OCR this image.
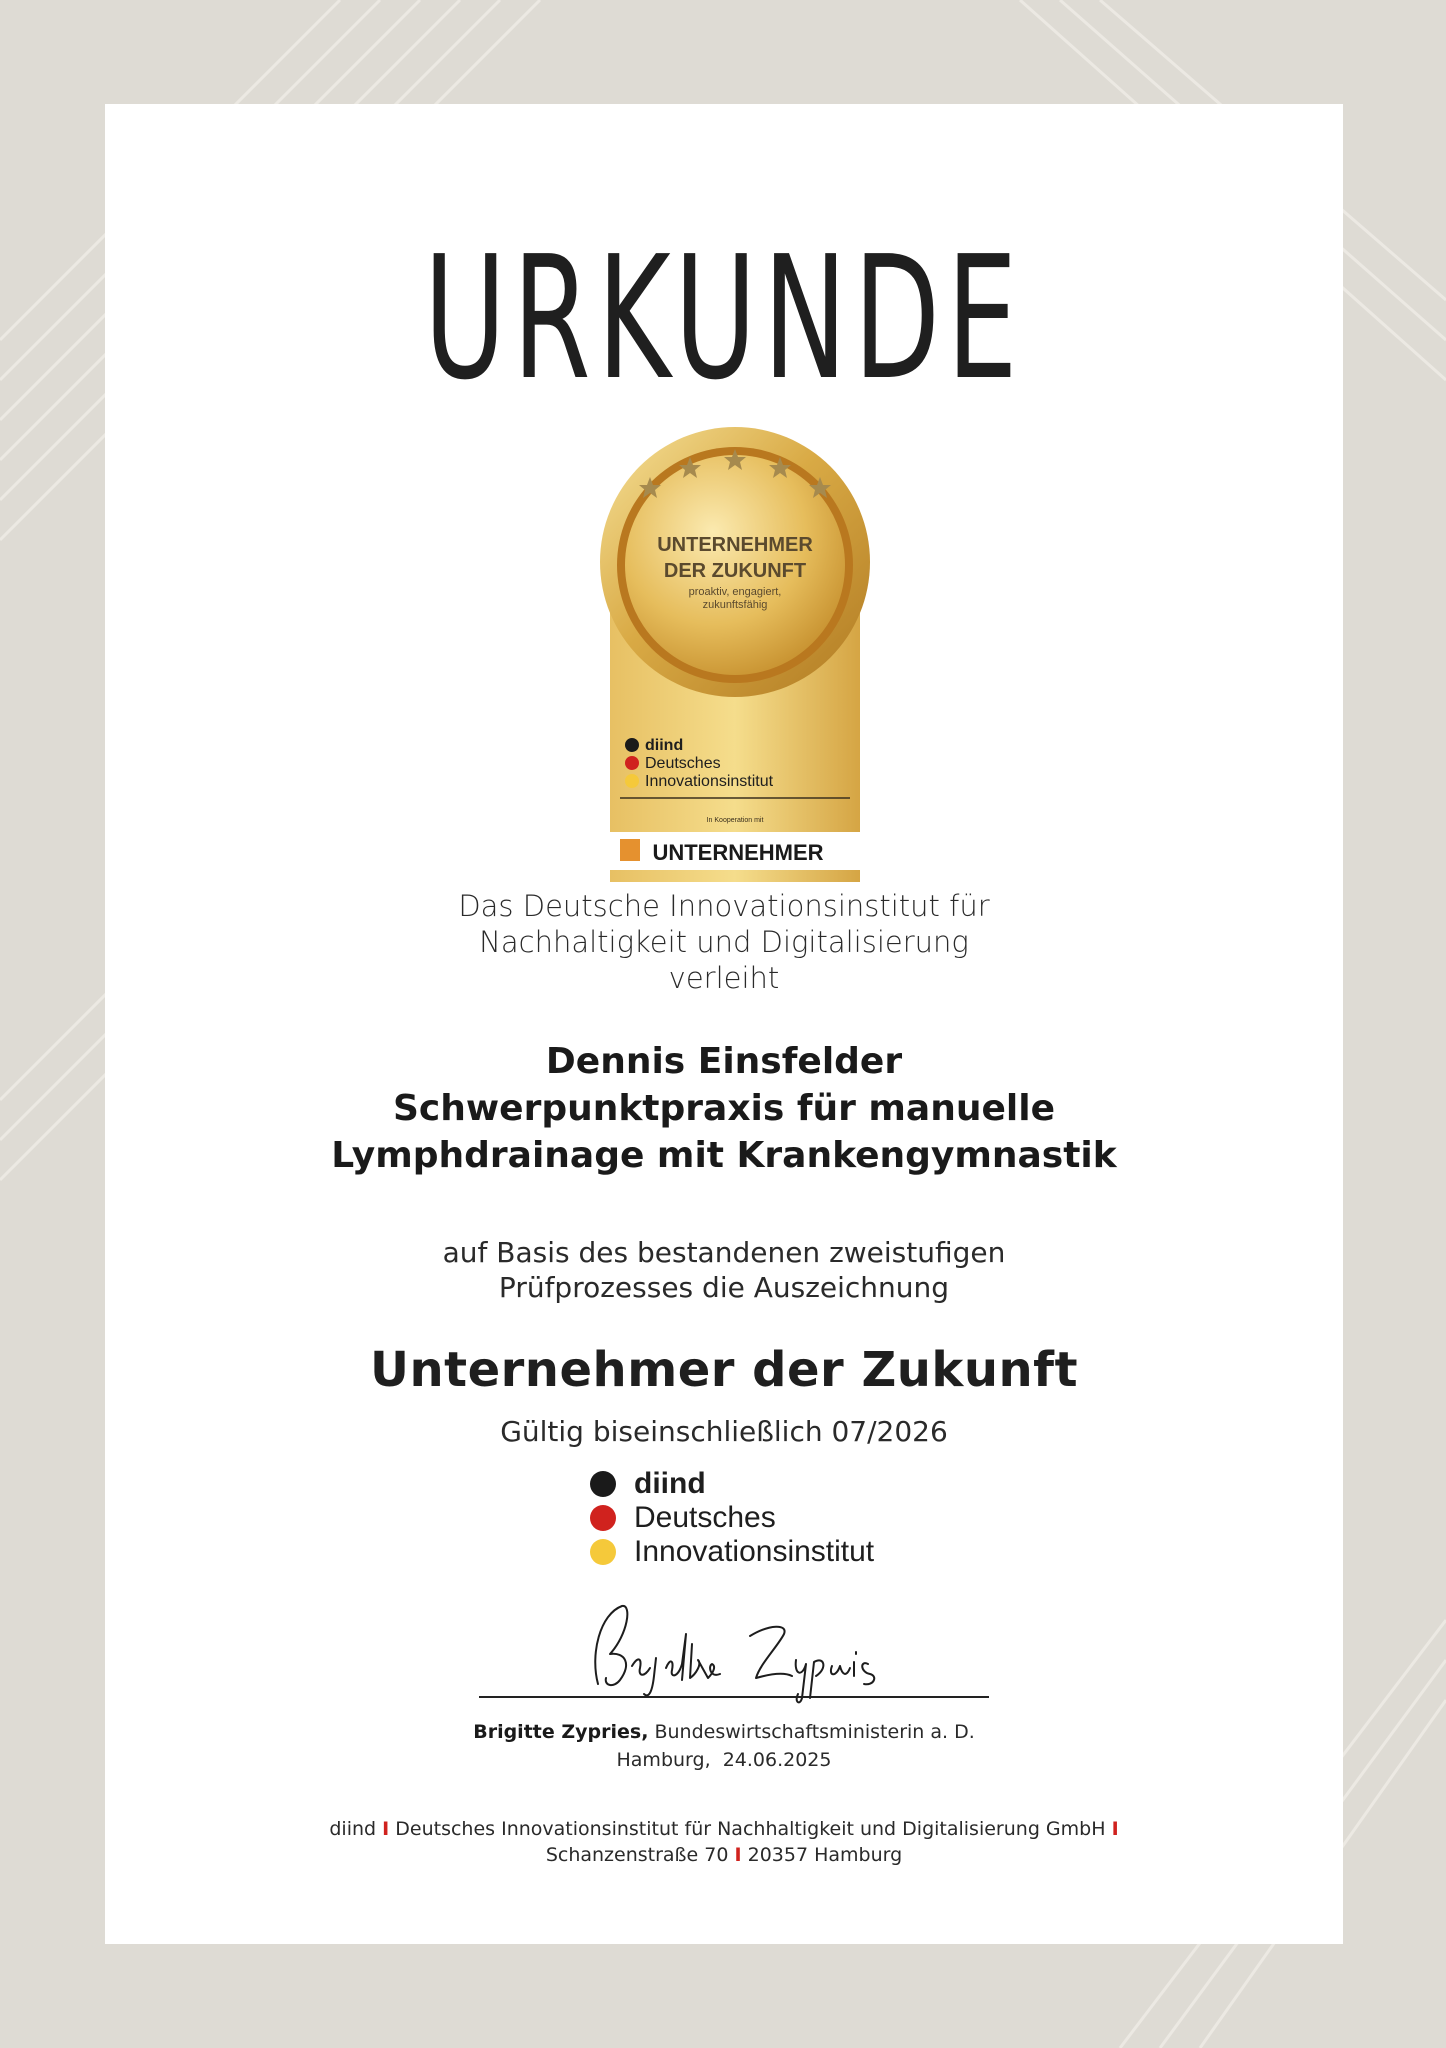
URKUNDE
UNTERNEHMER
DER ZUKUNFT
proaktiv, engagiert,
zukunftsfähig
diind
Deutsches
Innovationsinstitut
In Kooperation mit
UNTERNEHMER
Das Deutsche Innovationsinstitut für
Nachhaltigkeit und Digitalisierung
verleiht
Dennis Einsfelder
Schwerpunktpraxis für manuelle
Lymphdrainage mit Krankengymnastik
auf Basis des bestandenen zweistufigen
Prüfprozesses die Auszeichnung
Unternehmer der Zukunft
Gültig biseinschließlich 07/2026
diind
Deutsches
Innovationsinstitut
Brigitte Zypries, Bundeswirtschaftsministerin a. D.
Hamburg,  24.06.2025
diind I Deutsches Innovationsinstitut für Nachhaltigkeit und Digitalisierung GmbH I
Schanzenstraße 70 I 20357 Hamburg
